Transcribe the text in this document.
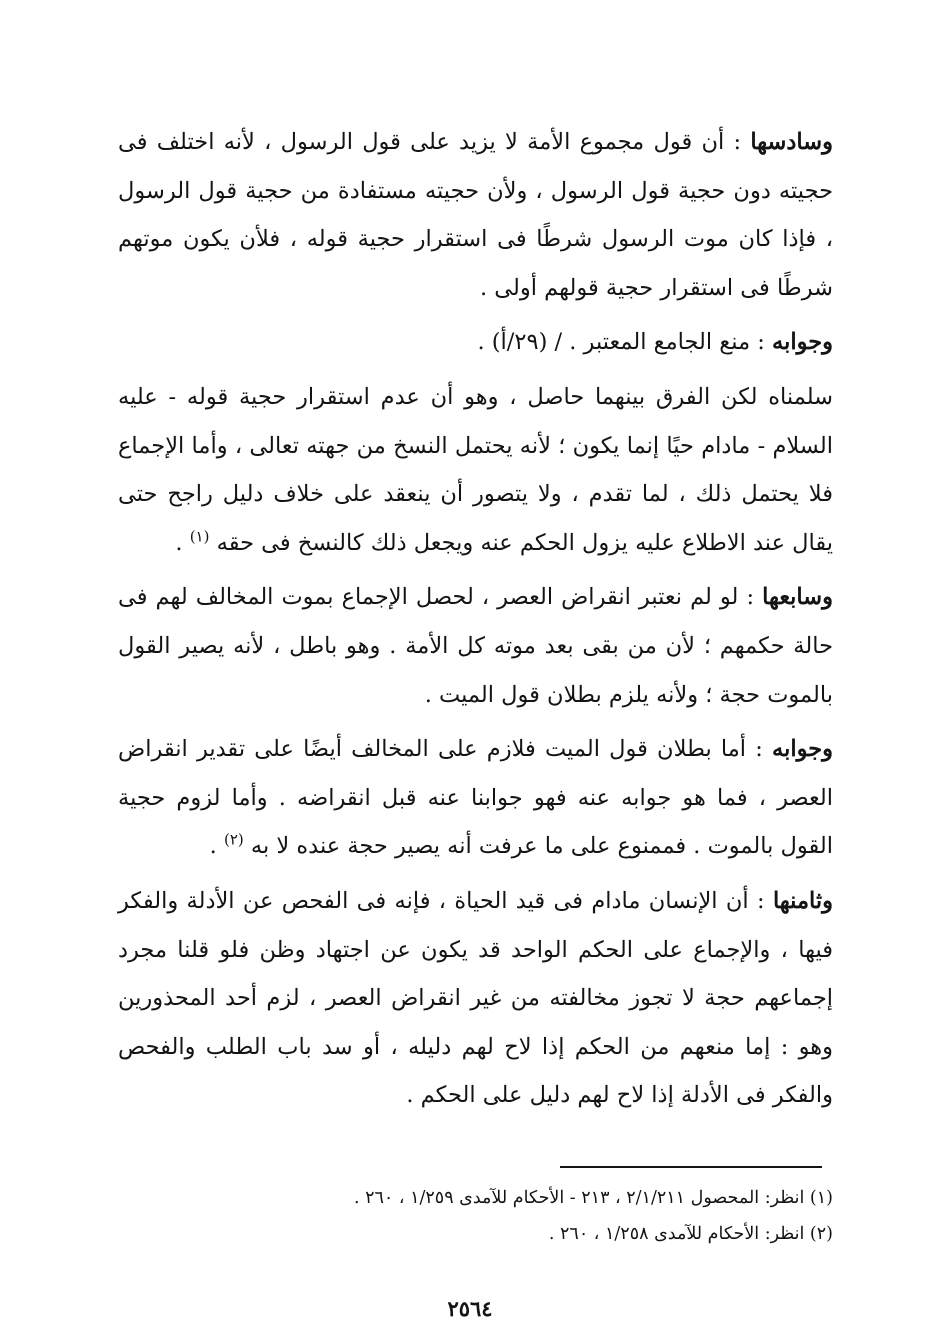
وسادسها : أن قول مجموع الأمة لا يزيد على قول الرسول ، لأنه اختلف فى حجيته دون حجية قول الرسول ، ولأن حجيته مستفادة من حجية قول الرسول ، فإذا كان موت الرسول شرطًا فى استقرار حجية قوله ، فلأن يكون موتهم شرطًا فى استقرار حجية قولهم أولى .

وجوابه : منع الجامع المعتبر . / (٢٩/أ) .

سلمناه لكن الفرق بينهما حاصل ، وهو أن عدم استقرار حجية قوله - عليه السلام - مادام حيًا إنما يكون ؛ لأنه يحتمل النسخ من جهته تعالى ، وأما الإجماع فلا يحتمل ذلك ، لما تقدم ، ولا يتصور أن ينعقد على خلاف دليل راجح حتى يقال عند الاطلاع عليه يزول الحكم عنه ويجعل ذلك كالنسخ فى حقه $^{(١)}$ .

وسابعها : لو لم نعتبر انقراض العصر ، لحصل الإجماع بموت المخالف لهم فى حالة حكمهم ؛ لأن من بقى بعد موته كل الأمة . وهو باطل ، لأنه يصير القول بالموت حجة ؛ ولأنه يلزم بطلان قول الميت .

وجوابه : أما بطلان قول الميت فلازم على المخالف أيضًا على تقدير انقراض العصر ، فما هو جوابه عنه فهو جوابنا عنه قبل انقراضه . وأما لزوم حجية القول بالموت . فممنوع على ما عرفت أنه يصير حجة عنده لا به $^{(٢)}$ .

وثامنها : أن الإنسان مادام فى قيد الحياة ، فإنه فى الفحص عن الأدلة والفكر فيها ، والإجماع على الحكم الواحد قد يكون عن اجتهاد وظن فلو قلنا مجرد إجماعهم حجة لا تجوز مخالفته من غير انقراض العصر ، لزم أحد المحذورين وهو : إما منعهم من الحكم إذا لاح لهم دليله ، أو سد باب الطلب والفحص والفكر فى الأدلة إذا لاح لهم دليل على الحكم .

(١) انظر: المحصول ٢/١/٢١١ ، ٢١٣ - الأحكام للآمدى ١/٢٥٩ ، ٢٦٠ .
(٢) انظر: الأحكام للآمدى ١/٢٥٨ ، ٢٦٠ .
٢٥٦٤
